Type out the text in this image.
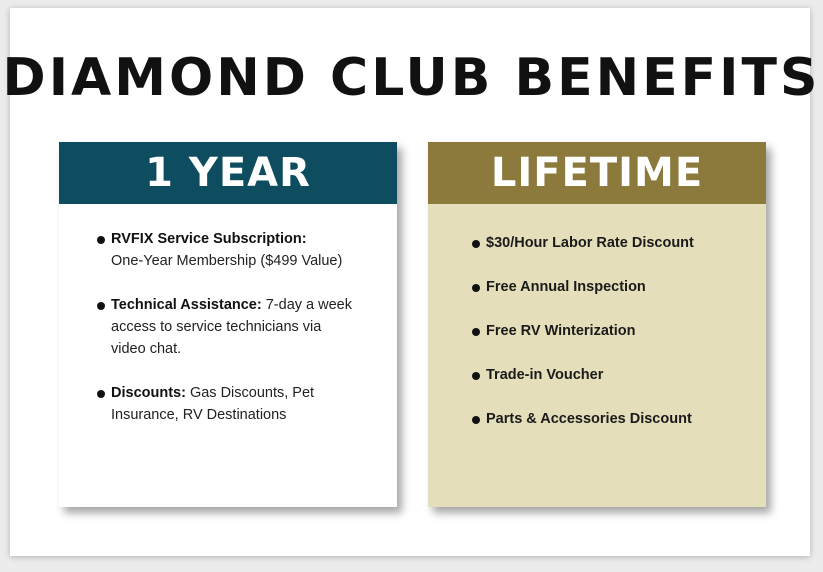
DIAMOND CLUB BENEFITS
1 YEAR
RVFIX Service Subscription:
One-Year Membership ($499 Value)
Technical Assistance: 7-day a week access to service technicians via video chat.
Discounts: Gas Discounts, Pet Insurance, RV Destinations
LIFETIME
$30/Hour Labor Rate Discount
Free Annual Inspection
Free RV Winterization
Trade-in Voucher
Parts & Accessories Discount
